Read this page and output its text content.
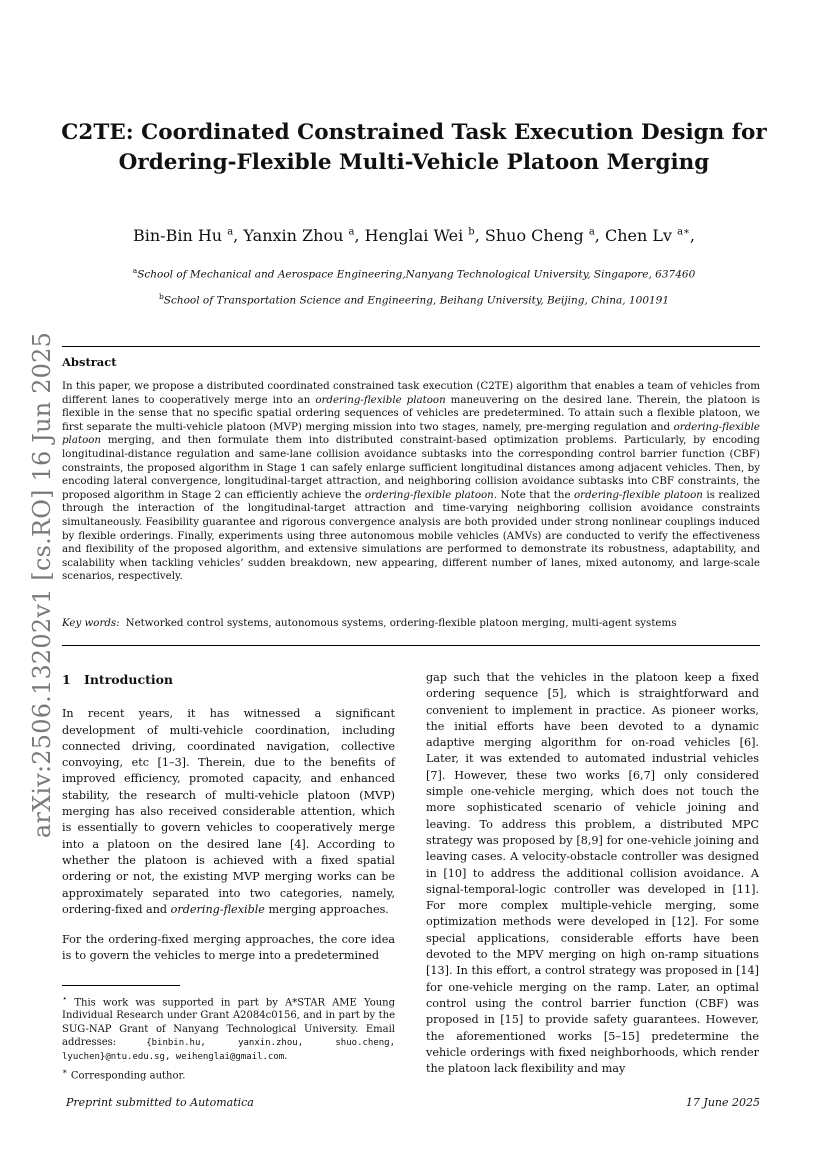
arXiv:2506.13202v1 [cs.RO] 16 Jun 2025
C2TE: Coordinated Constrained Task Execution Design for
Ordering-Flexible Multi-Vehicle Platoon Merging
Bin-Bin Hu $^a$, Yanxin Zhou $^a$, Henglai Wei $^b$, Shuo Cheng $^a$, Chen Lv $^{a∗}$,
$^a$School of Mechanical and Aerospace Engineering,Nanyang Technological University, Singapore, 637460
$^b$School of Transportation Science and Engineering, Beihang University, Beijing, China, 100191
Abstract
In this paper, we propose a distributed coordinated constrained task execution (C2TE) algorithm that enables a team of vehicles from different lanes to cooperatively merge into an ordering-flexible platoon maneuvering on the desired lane. Therein, the platoon is flexible in the sense that no specific spatial ordering sequences of vehicles are predetermined. To attain such a flexible platoon, we first separate the multi-vehicle platoon (MVP) merging mission into two stages, namely, pre-merging regulation and ordering-flexible platoon merging, and then formulate them into distributed constraint-based optimization problems. Particularly, by encoding longitudinal-distance regulation and same-lane collision avoidance subtasks into the corresponding control barrier function (CBF) constraints, the proposed algorithm in Stage 1 can safely enlarge sufficient longitudinal distances among adjacent vehicles. Then, by encoding lateral convergence, longitudinal-target attraction, and neighboring collision avoidance subtasks into CBF constraints, the proposed algorithm in Stage 2 can efficiently achieve the ordering-flexible platoon. Note that the ordering-flexible platoon is realized through the interaction of the longitudinal-target attraction and time-varying neighboring collision avoidance constraints simultaneously. Feasibility guarantee and rigorous convergence analysis are both provided under strong nonlinear couplings induced by flexible orderings. Finally, experiments using three autonomous mobile vehicles (AMVs) are conducted to verify the effectiveness and flexibility of the proposed algorithm, and extensive simulations are performed to demonstrate its robustness, adaptability, and scalability when tackling vehicles’ sudden breakdown, new appearing, different number of lanes, mixed autonomy, and large-scale scenarios, respectively.
Key words: Networked control systems, autonomous systems, ordering-flexible platoon merging, multi-agent systems
1 Introduction

In recent years, it has witnessed a significant development of multi-vehicle coordination, including connected driving, coordinated navigation, collective convoying, etc [1–3]. Therein, due to the benefits of improved efficiency, promoted capacity, and enhanced stability, the research of multi-vehicle platoon (MVP) merging has also received considerable attention, which is essentially to govern vehicles to cooperatively merge into a platoon on the desired lane [4]. According to whether the platoon is achieved with a fixed spatial ordering or not, the existing MVP merging works can be approximately separated into two categories, namely, ordering-fixed and ordering-flexible merging approaches.

For the ordering-fixed merging approaches, the core idea is to govern the vehicles to merge into a predetermined

⋆ This work was supported in part by A*STAR AME Young Individual Research under Grant A2084c0156, and in part by the SUG-NAP Grant of Nanyang Technological University. Email addresses: {binbin.hu, yanxin.zhou, shuo.cheng, lyuchen}@ntu.edu.sg, weihenglai@gmail.com.
∗ Corresponding author.

gap such that the vehicles in the platoon keep a fixed ordering sequence [5], which is straightforward and convenient to implement in practice. As pioneer works, the initial efforts have been devoted to a dynamic adaptive merging algorithm for on-road vehicles [6]. Later, it was extended to automated industrial vehicles [7]. However, these two works [6,7] only considered simple one-vehicle merging, which does not touch the more sophisticated scenario of vehicle joining and leaving. To address this problem, a distributed MPC strategy was proposed by [8,9] for one-vehicle joining and leaving cases. A velocity-obstacle controller was designed in [10] to address the additional collision avoidance. A signal-temporal-logic controller was developed in [11]. For more complex multiple-vehicle merging, some optimization methods were developed in [12]. For some special applications, considerable efforts have been devoted to the MPV merging on high on-ramp situations [13]. In this effort, a control strategy was proposed in [14] for one-vehicle merging on the ramp. Later, an optimal control using the control barrier function (CBF) was proposed in [15] to provide safety guarantees. However, the aforementioned works [5–15] predetermine the vehicle orderings with fixed neighborhoods, which render the platoon lack flexibility and may

Preprint submitted to Automatica	17 June 2025
